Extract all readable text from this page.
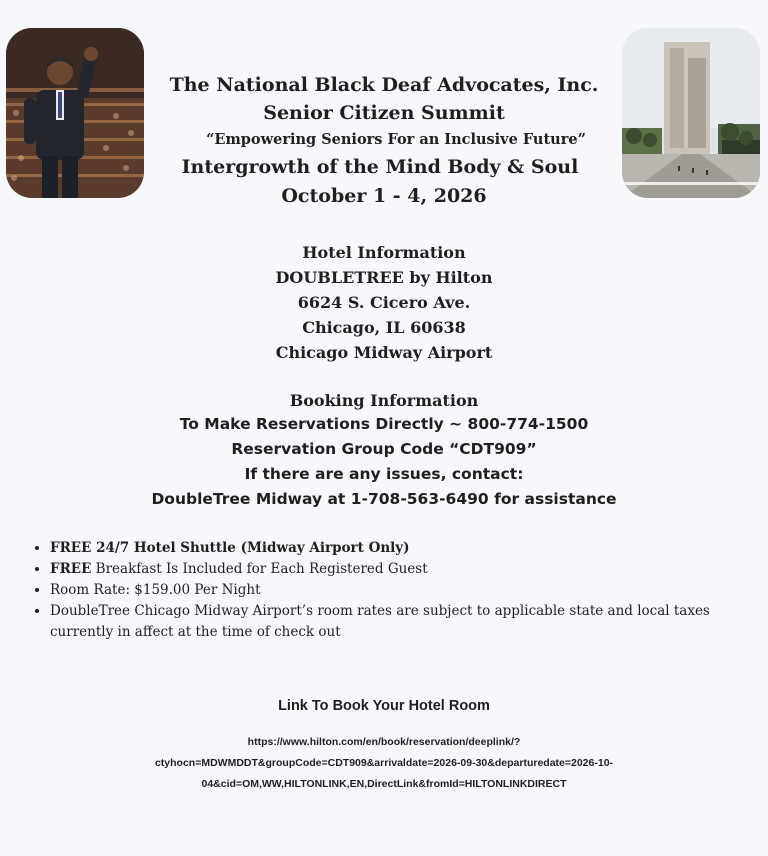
The National Black Deaf Advocates, Inc.
Senior Citizen Summit
“Empowering Seniors For an Inclusive Future”
Intergrowth of the Mind Body & Soul
October 1 - 4, 2026
Hotel Information
DOUBLETREE by Hilton
6624 S. Cicero Ave.
Chicago, IL 60638
Chicago Midway Airport
Booking Information
To Make Reservations Directly ~ 800-774-1500
Reservation Group Code “CDT909”
If there are any issues, contact:
DoubleTree Midway at 1-708-563-6490 for assistance
• FREE 24/7 Hotel Shuttle (Midway Airport Only)
• FREE Breakfast Is Included for Each Registered Guest
• Room Rate: $159.00 Per Night
• DoubleTree Chicago Midway Airport’s room rates are subject to applicable state and local taxes currently in affect at the time of check out
Link To Book Your Hotel Room
https://www.hilton.com/en/book/reservation/deeplink/?
ctyhocn=MDWMDDT&groupCode=CDT909&arrivaldate=2026-09-30&departuredate=2026-10-
04&cid=OM,WW,HILTONLINK,EN,DirectLink&fromId=HILTONLINKDIRECT
